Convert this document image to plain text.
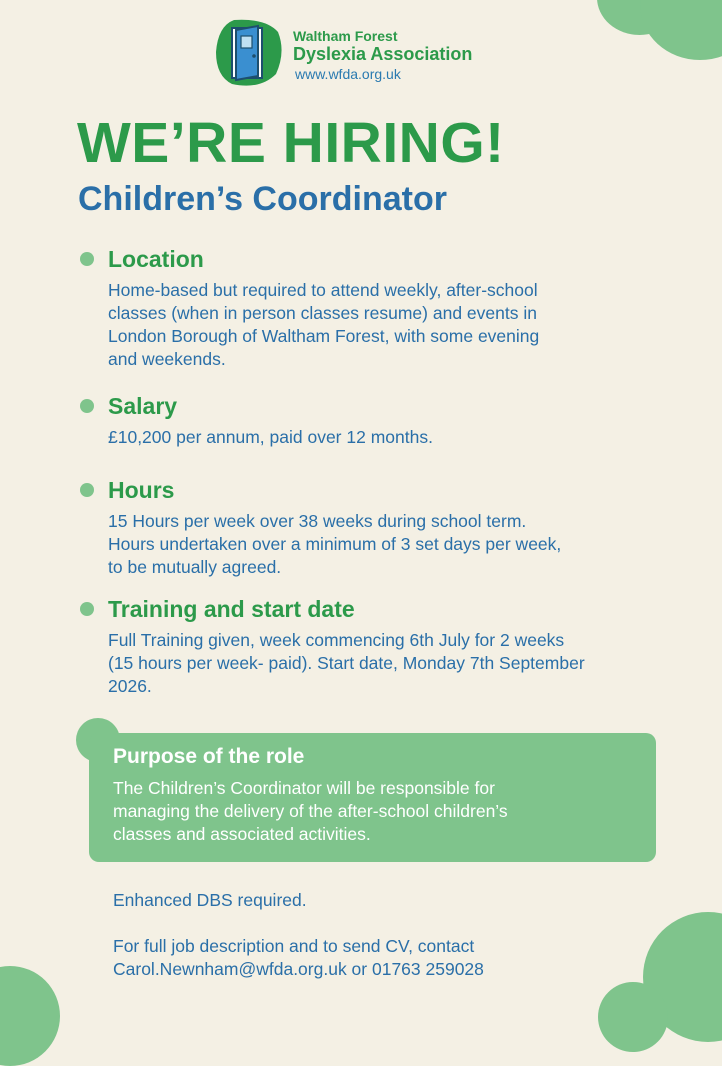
Waltham Forest
Dyslexia Association
www.wfda.org.uk
WE’RE HIRING!
Children’s Coordinator
Location
Home-based but required to attend weekly, after-school
classes (when in person classes resume) and events in
London Borough of Waltham Forest, with some evening
and weekends.
Salary
£10,200 per annum, paid over 12 months.
Hours
15 Hours per week over 38 weeks during school term.
Hours undertaken over a minimum of 3 set days per week,
to be mutually agreed.
Training and start date
Full Training given, week commencing 6th July for 2 weeks
(15 hours per week- paid). Start date, Monday 7th September
2026.
Purpose of the role
The Children’s Coordinator will be responsible for
managing the delivery of the after-school children’s
classes and associated activities.
Enhanced DBS required.
For full job description and to send CV, contact
Carol.Newnham@wfda.org.uk or 01763 259028
